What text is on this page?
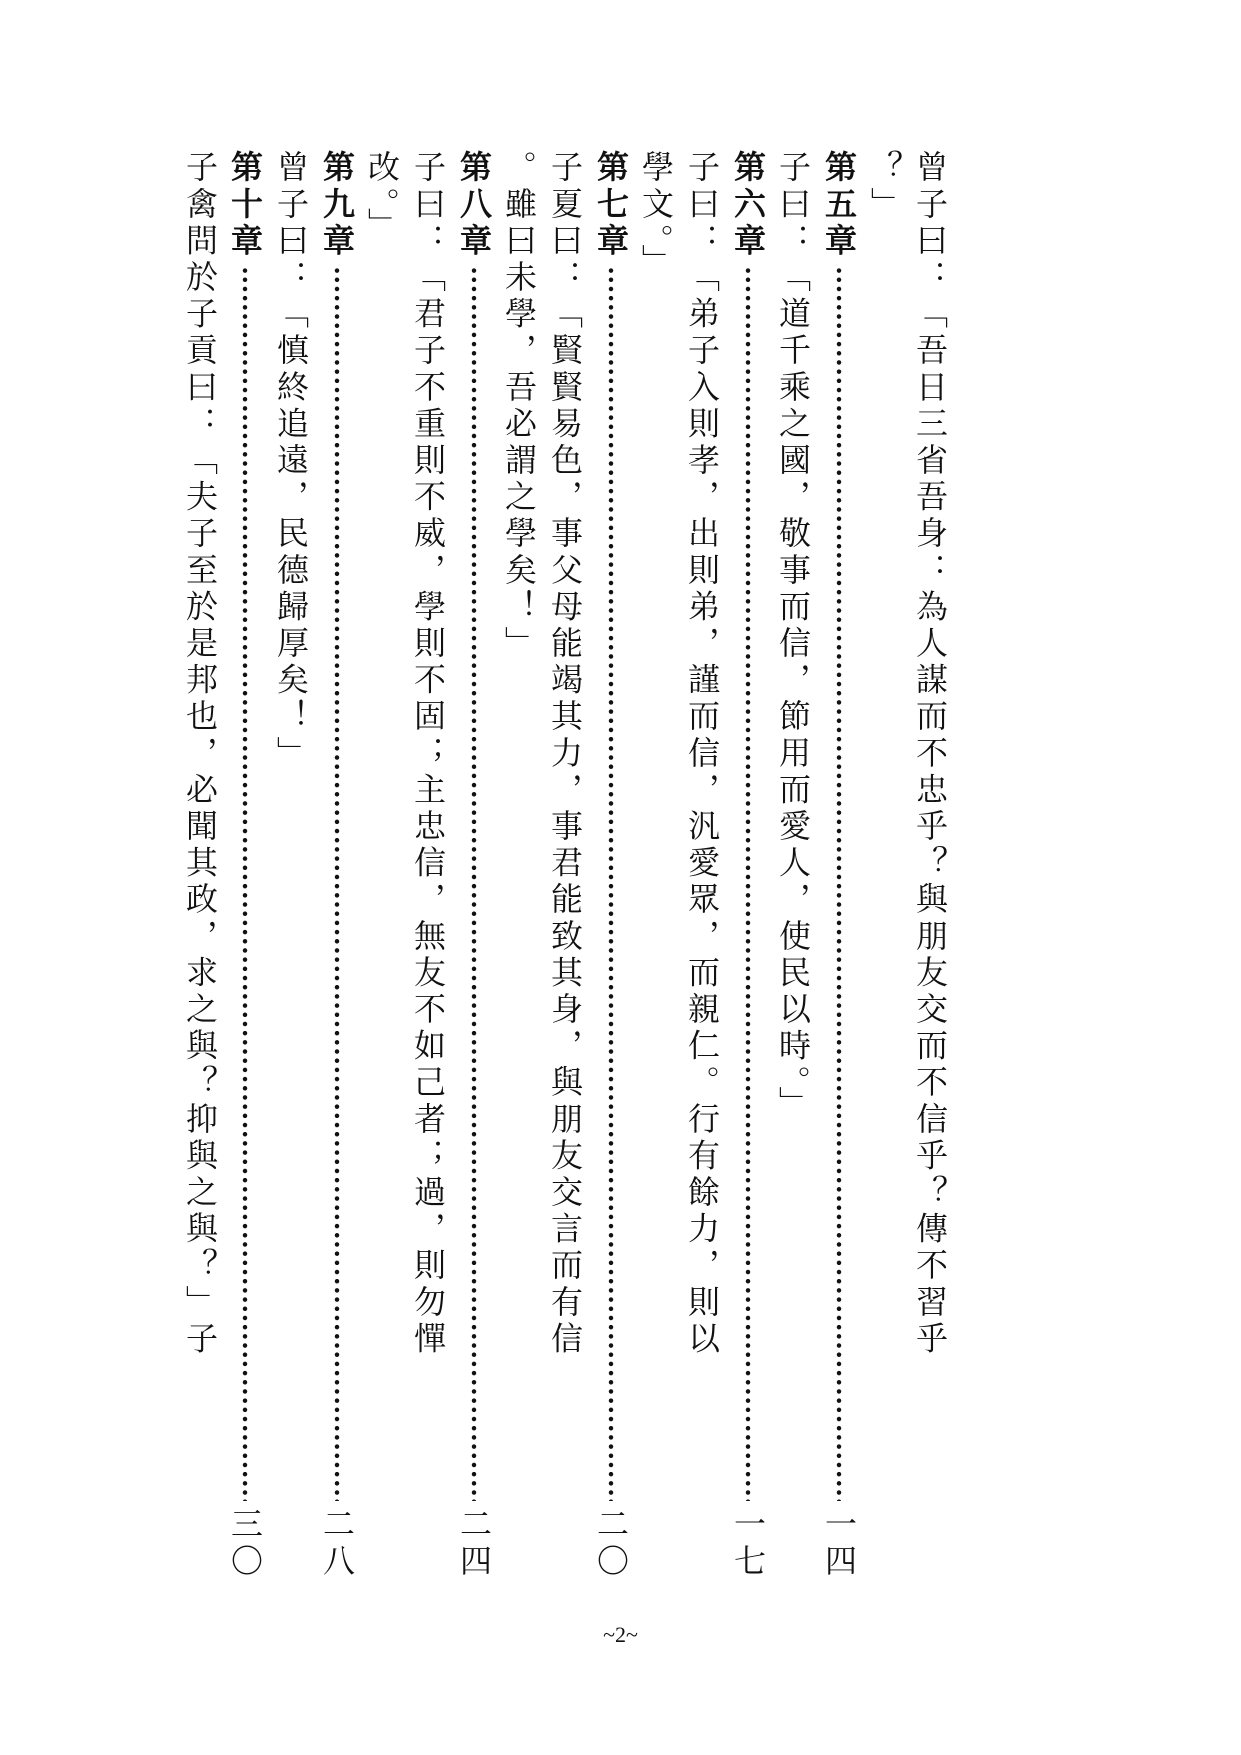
曾子曰：「吾日三省吾身：為人謀而不忠乎？與朋友交而不信乎？傳不習乎
？」
第五章
一四
子曰：「道千乘之國，敬事而信，節用而愛人，使民以時。」
第六章
一七
子曰：「弟子入則孝，出則弟，謹而信，汎愛眾，而親仁。行有餘力，則以
學文。」
第七章
二〇
子夏曰：「賢賢易色，事父母能竭其力，事君能致其身，與朋友交言而有信
。雖曰未學，吾必謂之學矣！」
第八章
二四
子曰：「君子不重則不威，學則不固；主忠信，無友不如己者；過，則勿憚
改。」
第九章
二八
曾子曰：「慎終追遠，民德歸厚矣！」
第十章
三〇
子禽問於子貢曰：「夫子至於是邦也，必聞其政，求之與？抑與之與？」子
~2~
